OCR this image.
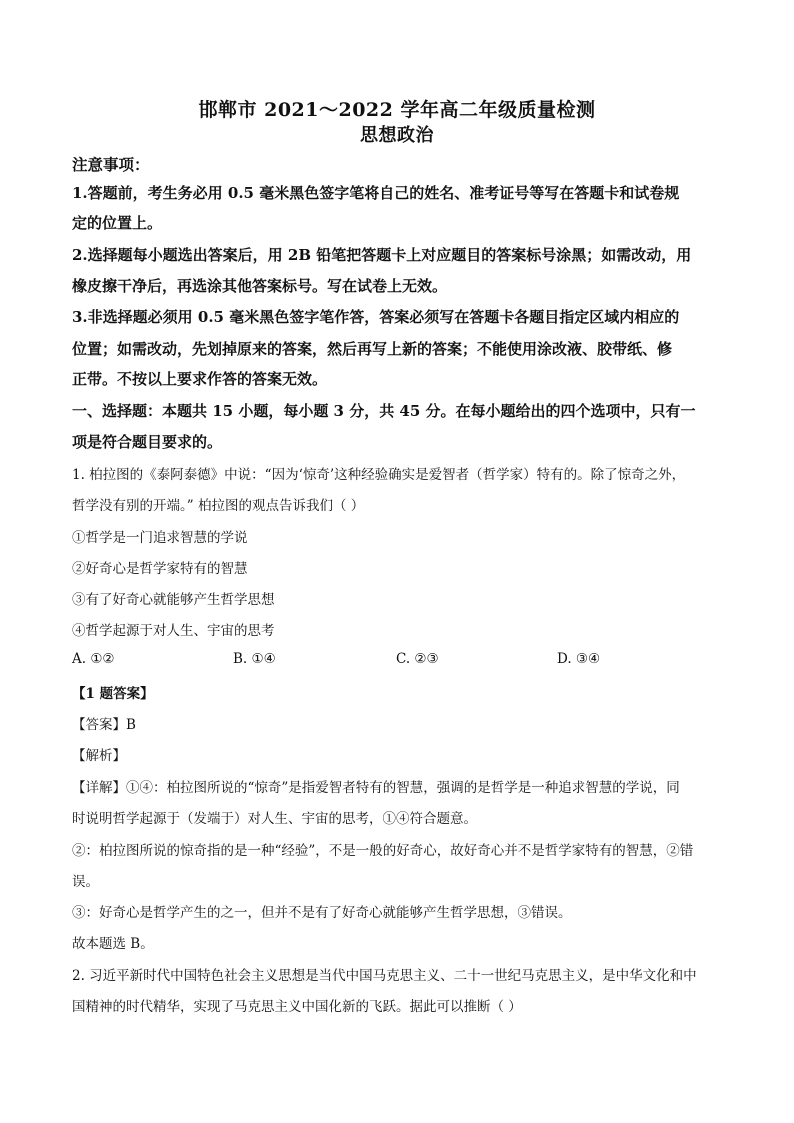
邯郸市 2021～2022 学年高二年级质量检测
思想政治
注意事项：
1.答题前，考生务必用 0.5 毫米黑色签字笔将自己的姓名、准考证号等写在答题卡和试卷规
定的位置上。
2.选择题每小题选出答案后，用 2B 铅笔把答题卡上对应题目的答案标号涂黑；如需改动，用
橡皮擦干净后，再选涂其他答案标号。写在试卷上无效。
3.非选择题必须用 0.5 毫米黑色签字笔作答，答案必须写在答题卡各题目指定区域内相应的
位置；如需改动，先划掉原来的答案，然后再写上新的答案；不能使用涂改液、胶带纸、修
正带。不按以上要求作答的答案无效。
一、选择题：本题共 15 小题，每小题 3 分，共 45 分。在每小题给出的四个选项中，只有一
项是符合题目要求的。
1. 柏拉图的《泰阿泰德》中说：“因为‘惊奇’这种经验确实是爱智者（哲学家）特有的。除了惊奇之外，
哲学没有别的开端。” 柏拉图的观点告诉我们（ ）
①哲学是一门追求智慧的学说
②好奇心是哲学家特有的智慧
③有了好奇心就能够产生哲学思想
④哲学起源于对人生、宇宙的思考
A. ①②	B. ①④	C. ②③	D. ③④
【1 题答案】
【答案】B
【解析】
【详解】①④：柏拉图所说的“惊奇”是指爱智者特有的智慧，强调的是哲学是一种追求智慧的学说，同
时说明哲学起源于（发端于）对人生、宇宙的思考，①④符合题意。
②：柏拉图所说的惊奇指的是一种“经验”，不是一般的好奇心，故好奇心并不是哲学家特有的智慧，②错
误。
③：好奇心是哲学产生的之一，但并不是有了好奇心就能够产生哲学思想，③错误。
故本题选 B。
2. 习近平新时代中国特色社会主义思想是当代中国马克思主义、二十一世纪马克思主义，是中华文化和中
国精神的时代精华，实现了马克思主义中国化新的飞跃。据此可以推断（ ）
